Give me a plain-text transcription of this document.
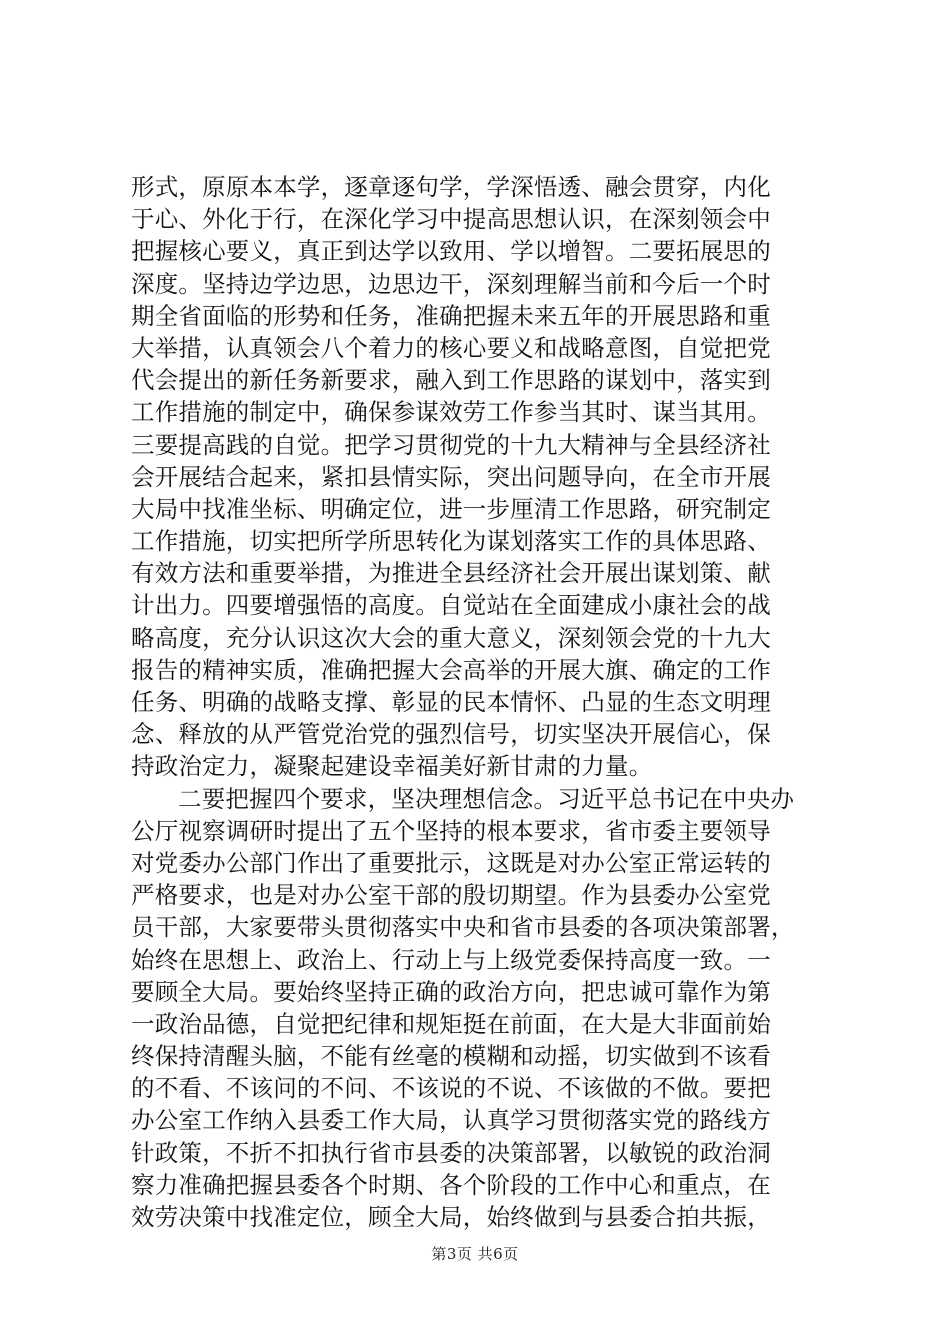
形式，原原本本学，逐章逐句学，学深悟透、融会贯穿，内化
于心、外化于行，在深化学习中提高思想认识，在深刻领会中
把握核心要义，真正到达学以致用、学以增智。二要拓展思的
深度。坚持边学边思，边思边干，深刻理解当前和今后一个时
期全省面临的形势和任务，准确把握未来五年的开展思路和重
大举措，认真领会八个着力的核心要义和战略意图，自觉把党
代会提出的新任务新要求，融入到工作思路的谋划中，落实到
工作措施的制定中，确保参谋效劳工作参当其时、谋当其用。
三要提高践的自觉。把学习贯彻党的十九大精神与全县经济社
会开展结合起来，紧扣县情实际，突出问题导向，在全市开展
大局中找准坐标、明确定位，进一步厘清工作思路，研究制定
工作措施，切实把所学所思转化为谋划落实工作的具体思路、
有效方法和重要举措，为推进全县经济社会开展出谋划策、献
计出力。四要增强悟的高度。自觉站在全面建成小康社会的战
略高度，充分认识这次大会的重大意义，深刻领会党的十九大
报告的精神实质，准确把握大会高举的开展大旗、确定的工作
任务、明确的战略支撑、彰显的民本情怀、凸显的生态文明理
念、释放的从严管党治党的强烈信号，切实坚决开展信心，保
持政治定力，凝聚起建设幸福美好新甘肃的力量。
二要把握四个要求，坚决理想信念。习近平总书记在中央办
公厅视察调研时提出了五个坚持的根本要求，省市委主要领导
对党委办公部门作出了重要批示，这既是对办公室正常运转的
严格要求，也是对办公室干部的殷切期望。作为县委办公室党
员干部，大家要带头贯彻落实中央和省市县委的各项决策部署，
始终在思想上、政治上、行动上与上级党委保持高度一致。一
要顾全大局。要始终坚持正确的政治方向，把忠诚可靠作为第
一政治品德，自觉把纪律和规矩挺在前面，在大是大非面前始
终保持清醒头脑，不能有丝毫的模糊和动摇，切实做到不该看
的不看、不该问的不问、不该说的不说、不该做的不做。要把
办公室工作纳入县委工作大局，认真学习贯彻落实党的路线方
针政策，不折不扣执行省市县委的决策部署，以敏锐的政治洞
察力准确把握县委各个时期、各个阶段的工作中心和重点，在
效劳决策中找准定位，顾全大局，始终做到与县委合拍共振，
第3页 共6页
